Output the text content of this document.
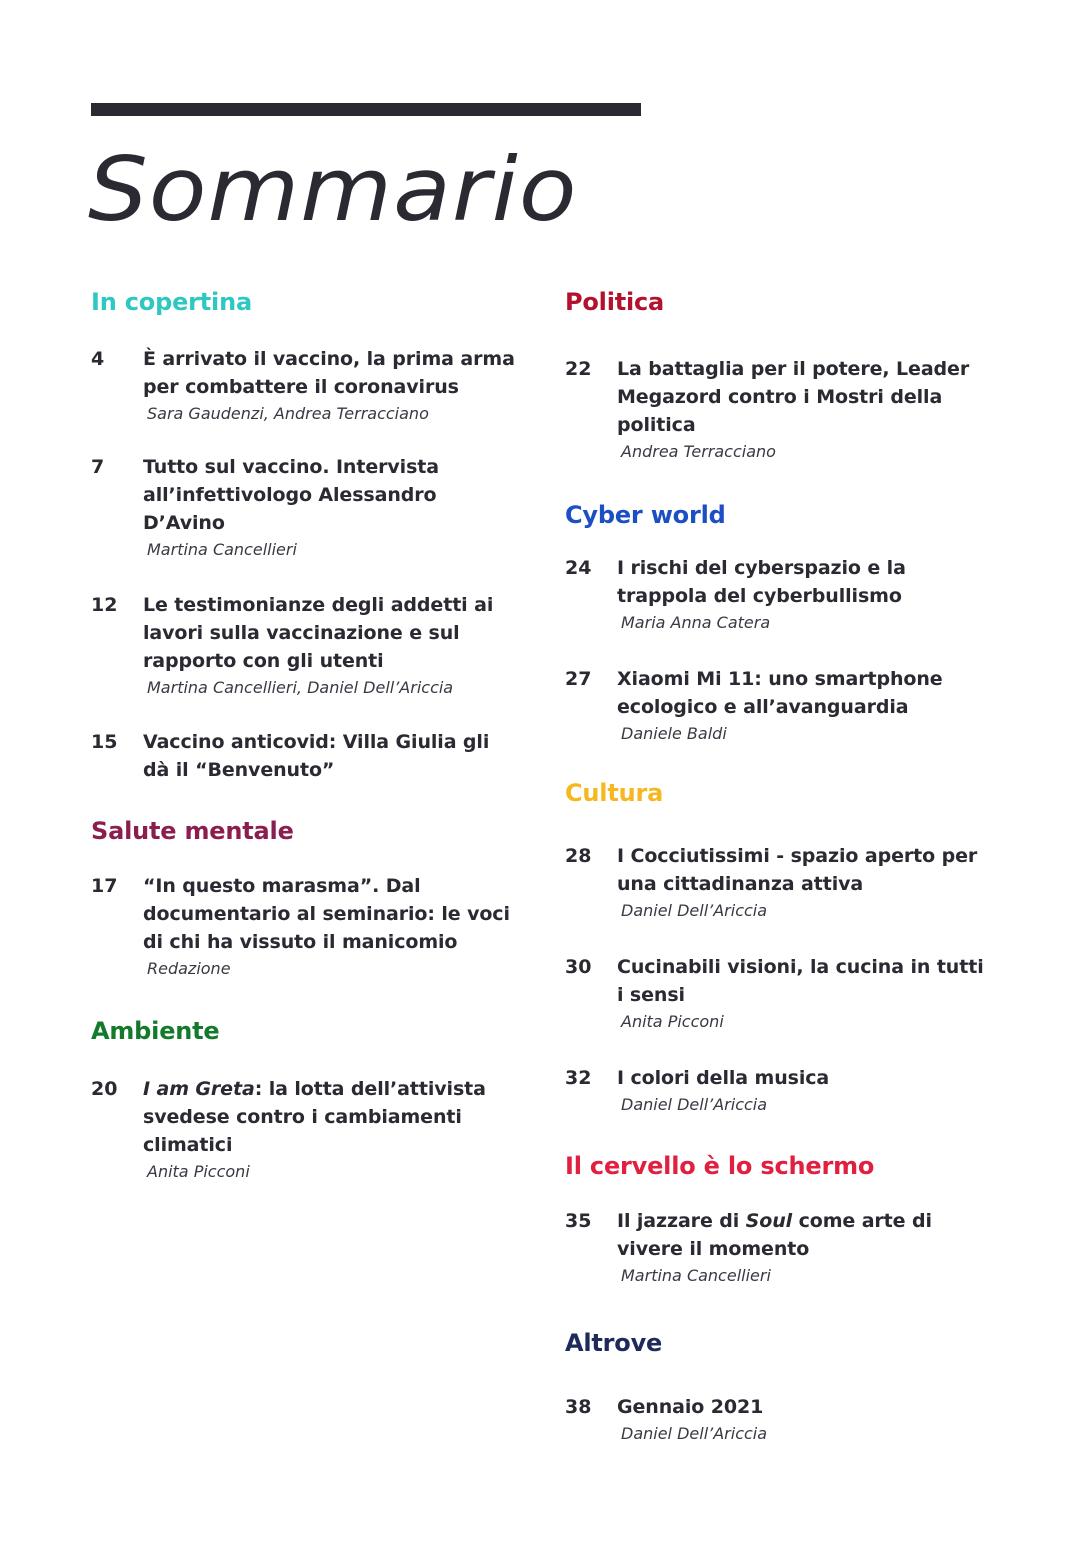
Sommario
In copertina
4	È arrivato il vaccino, la prima arma per combattere il coronavirus
Sara Gaudenzi, Andrea Terracciano
7	Tutto sul vaccino. Intervista all’infettivologo Alessandro D’Avino
Martina Cancellieri
12	Le testimonianze degli addetti ai lavori sulla vaccinazione e sul rapporto con gli utenti
Martina Cancellieri, Daniel Dell’Ariccia
15	Vaccino anticovid: Villa Giulia gli dà il “Benvenuto”
Salute mentale
17	“In questo marasma”. Dal documentario al seminario: le voci di chi ha vissuto il manicomio
Redazione
Ambiente
20	I am Greta: la lotta dell’attivista svedese contro i cambiamenti climatici
Anita Picconi
Politica
22	La battaglia per il potere, Leader Megazord contro i Mostri della politica
Andrea Terracciano
Cyber world
24	I rischi del cyberspazio e la trappola del cyberbullismo
Maria Anna Catera
27	Xiaomi Mi 11: uno smartphone ecologico e all’avanguardia
Daniele Baldi
Cultura
28	I Cocciutissimi - spazio aperto per una cittadinanza attiva
Daniel Dell’Ariccia
30	Cucinabili visioni, la cucina in tutti i sensi
Anita Picconi
32	I colori della musica
Daniel Dell’Ariccia
Il cervello è lo schermo
35	Il jazzare di Soul come arte di vivere il momento
Martina Cancellieri
Altrove
38	Gennaio 2021
Daniel Dell’Ariccia
